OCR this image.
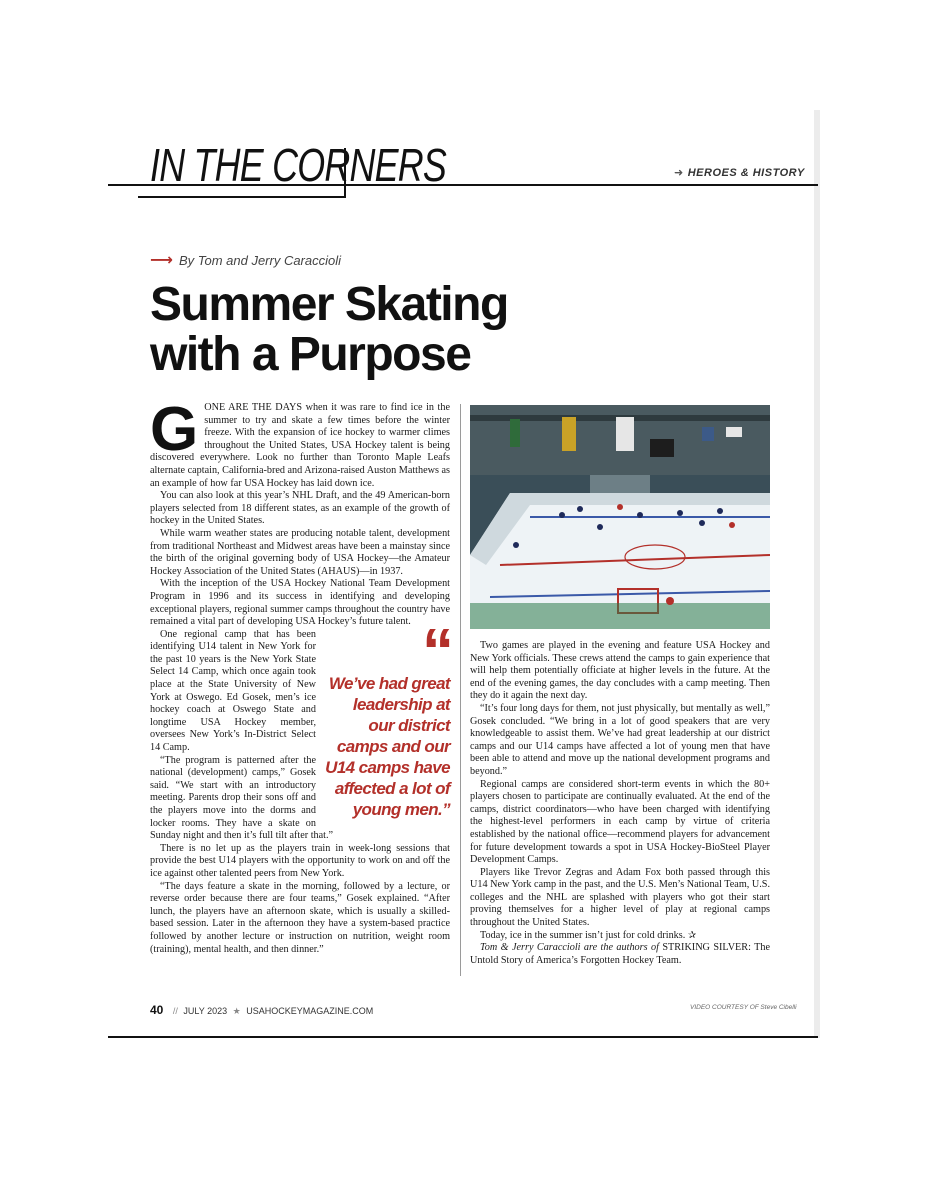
IN THE CORNERS	➜ HEROES & HISTORY
⟶ By Tom and Jerry Caraccioli
Summer Skating
with a Purpose

GONE ARE THE DAYS when it was rare to find ice in the summer to try and skate a few times before the winter freeze. With the expansion of ice hockey to warmer climes throughout the United States, USA Hockey talent is being discovered everywhere. Look no further than Toronto Maple Leafs alternate captain, California-bred and Arizona-raised Auston Matthews as an example of how far USA Hockey has laid down ice.

You can also look at this year’s NHL Draft, and the 49 American-born players selected from 18 different states, as an example of the growth of hockey in the United States.

While warm weather states are producing notable talent, development from traditional Northeast and Midwest areas have been a mainstay since the birth of the original governing body of USA Hockey—the Amateur Hockey Association of the United States (AHAUS)—in 1937.

With the inception of the USA Hockey National Team Development Program in 1996 and its success in identifying and developing exceptional players, regional summer camps throughout the country have remained a vital part of developing USA Hockey’s future talent. “
We’ve had great leadership at our district camps and our U14 camps have affected a lot of young men.”

One regional camp that has been identifying U14 talent in New York for the past 10 years is the New York State Select 14 Camp, which once again took place at the State University of New York at Oswego. Ed Gosek, men’s ice hockey coach at Oswego State and longtime USA Hockey member, oversees New York’s In-District Select 14 Camp.

“The program is patterned after the national (development) camps,” Gosek said. “We start with an introductory meeting. Parents drop their sons off and the players move into the dorms and locker rooms. They have a skate on Sunday night and then it’s full tilt after that.”

There is no let up as the players train in week-long sessions that provide the best U14 players with the opportunity to work on and off the ice against other talented peers from New York.

“The days feature a skate in the morning, followed by a lecture, or reverse order because there are four teams,” Gosek explained. “After lunch, the players have an afternoon skate, which is usually a skilled-based session. Later in the afternoon they have a system-based practice followed by another lecture or instruction on nutrition, weight room (training), mental health, and then dinner.”

Two games are played in the evening and feature USA Hockey and New York officials. These crews attend the camps to gain experience that will help them potentially officiate at higher levels in the future. At the end of the evening games, the day concludes with a camp meeting. Then they do it again the next day.

“It’s four long days for them, not just physically, but mentally as well,” Gosek concluded. “We bring in a lot of good speakers that are very knowledgeable to assist them. We’ve had great leadership at our district camps and our U14 camps have affected a lot of young men that have been able to attend and move up the national development programs and beyond.”

Regional camps are considered short-term events in which the 80+ players chosen to participate are continually evaluated. At the end of the camps, district coordinators—who have been charged with identifying the highest-level performers in each camp by virtue of criteria established by the national office—recommend players for advancement for future development towards a spot in USA Hockey-BioSteel Player Development Camps.

Players like Trevor Zegras and Adam Fox both passed through this U14 New York camp in the past, and the U.S. Men’s National Team, U.S. colleges and the NHL are splashed with players who got their start proving themselves for a higher level of play at regional camps throughout the United States.

Today, ice in the summer isn’t just for cold drinks. ✰

Tom & Jerry Caraccioli are the authors of STRIKING SILVER: The Untold Story of America’s Forgotten Hockey Team.

VIDEO COURTESY OF Steve Cibelli
40 // JULY 2023 ★ USAHOCKEYMAGAZINE.COM
